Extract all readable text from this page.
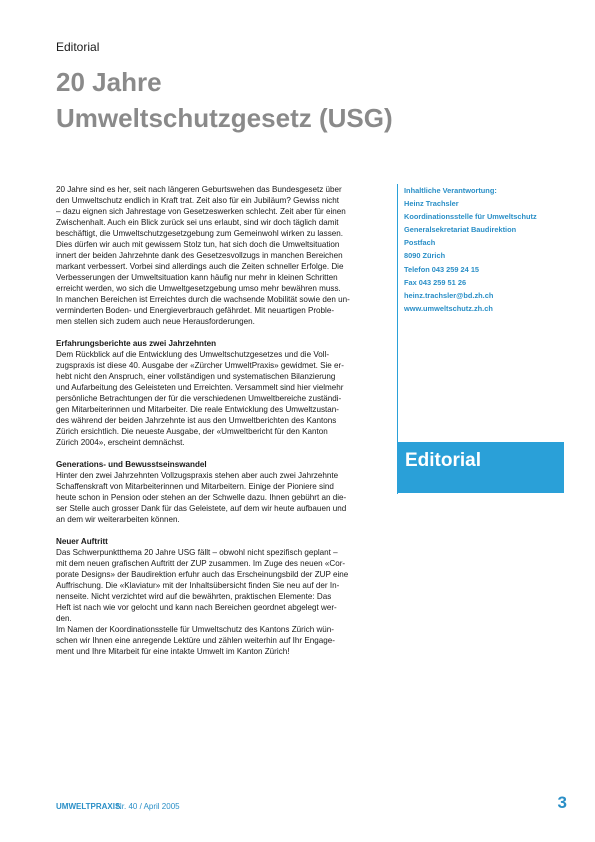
Editorial
20 Jahre
Umweltschutzgesetz (USG)

20 Jahre sind es her, seit nach längeren Geburtswehen das Bundesgesetz über

den Umweltschutz endlich in Kraft trat. Zeit also für ein Jubiläum? Gewiss nicht

– dazu eignen sich Jahrestage von Gesetzeswerken schlecht. Zeit aber für einen

Zwischenhalt. Auch ein Blick zurück sei uns erlaubt, sind wir doch täglich damit

beschäftigt, die Umweltschutzgesetzgebung zum Gemeinwohl wirken zu lassen.

Dies dürfen wir auch mit gewissem Stolz tun, hat sich doch die Umweltsituation

innert der beiden Jahrzehnte dank des Gesetzesvollzugs in manchen Bereichen

markant verbessert. Vorbei sind allerdings auch die Zeiten schneller Erfolge. Die

Verbesserungen der Umweltsituation kann häufig nur mehr in kleinen Schritten

erreicht werden, wo sich die Umweltgesetzgebung umso mehr bewähren muss.

In manchen Bereichen ist Erreichtes durch die wachsende Mobilität sowie den un-

verminderten Boden- und Energieverbrauch gefährdet. Mit neuartigen Proble-

men stellen sich zudem auch neue Herausforderungen.

Erfahrungsberichte aus zwei Jahrzehnten

Dem Rückblick auf die Entwicklung des Umweltschutzgesetzes und die Voll-

zugspraxis ist diese 40. Ausgabe der «Zürcher UmweltPraxis» gewidmet. Sie er-

hebt nicht den Anspruch, einer vollständigen und systematischen Bilanzierung

und Aufarbeitung des Geleisteten und Erreichten. Versammelt sind hier vielmehr

persönliche Betrachtungen der für die verschiedenen Umweltbereiche zuständi-

gen Mitarbeiterinnen und Mitarbeiter. Die reale Entwicklung des Umweltzustan-

des während der beiden Jahrzehnte ist aus den Umweltberichten des Kantons

Zürich ersichtlich. Die neueste Ausgabe, der «Umweltbericht für den Kanton

Zürich 2004», erscheint demnächst.

Generations- und Bewusstseinswandel

Hinter den zwei Jahrzehnten Vollzugspraxis stehen aber auch zwei Jahrzehnte

Schaffenskraft von Mitarbeiterinnen und Mitarbeitern. Einige der Pioniere sind

heute schon in Pension oder stehen an der Schwelle dazu. Ihnen gebührt an die-

ser Stelle auch grosser Dank für das Geleistete, auf dem wir heute aufbauen und

an dem wir weiterarbeiten können.

Neuer Auftritt

Das Schwerpunktthema 20 Jahre USG fällt – obwohl nicht spezifisch geplant –

mit dem neuen grafischen Auftritt der ZUP zusammen. Im Zuge des neuen «Cor-

porate Designs» der Baudirektion erfuhr auch das Erscheinungsbild der ZUP eine

Auffrischung. Die «Klaviatur» mit der Inhaltsübersicht finden Sie neu auf der In-

nenseite. Nicht verzichtet wird auf die bewährten, praktischen Elemente: Das

Heft ist nach wie vor gelocht und kann nach Bereichen geordnet abgelegt wer-

den.

Im Namen der Koordinationsstelle für Umweltschutz des Kantons Zürich wün-

schen wir Ihnen eine anregende Lektüre und zählen weiterhin auf Ihr Engage-

ment und Ihre Mitarbeit für eine intakte Umwelt im Kanton Zürich!

Inhaltliche Verantwortung:
Heinz Trachsler
Koordinationsstelle für Umweltschutz
Generalsekretariat Baudirektion
Postfach
8090 Zürich
Telefon 043 259 24 15
Fax 043 259 51 26
heinz.trachsler@bd.zh.ch
www.umweltschutz.zh.ch
Editorial
UMWELTPRAXIS
Nr. 40 / April 2005	3
